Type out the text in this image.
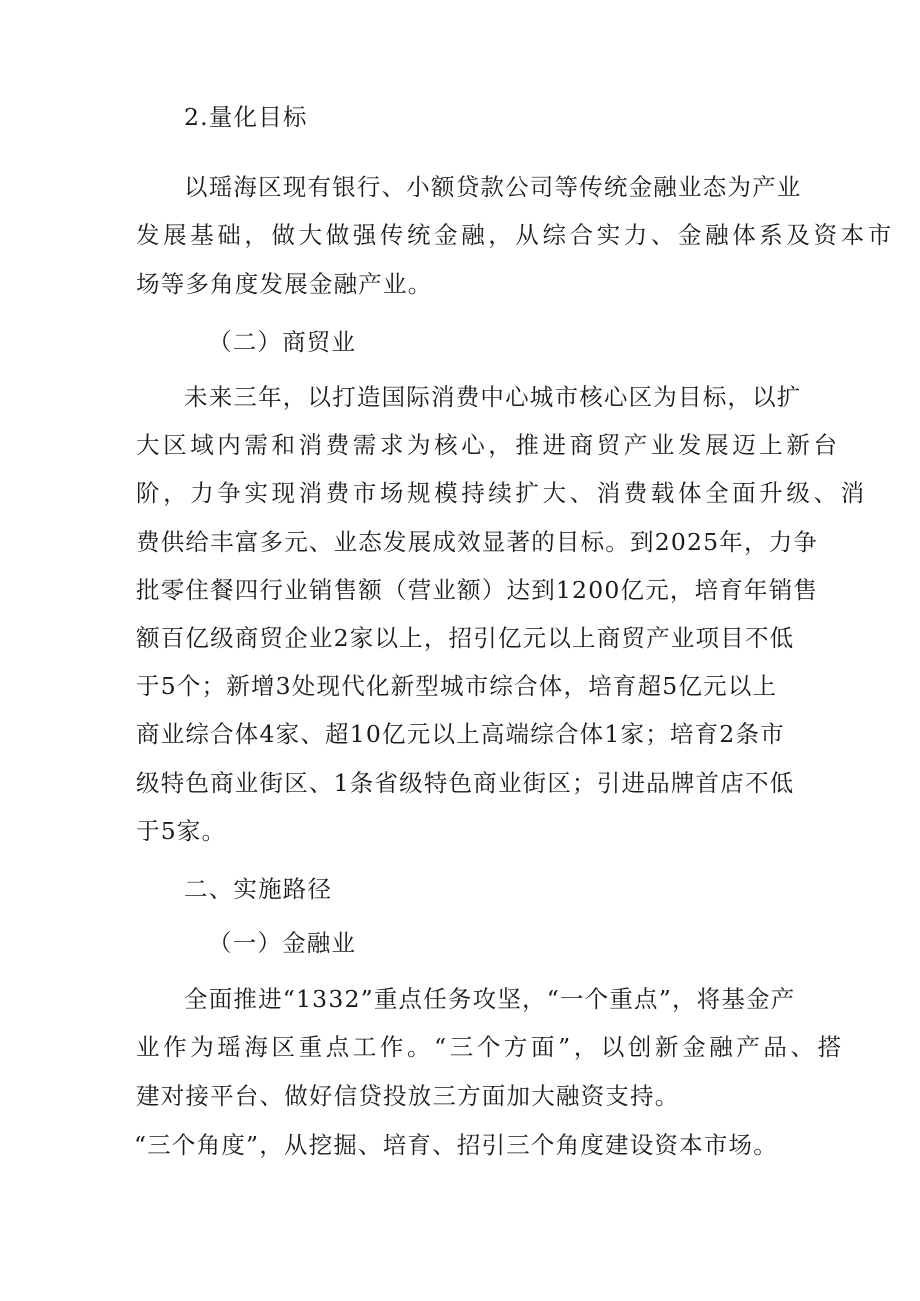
2.量化目标
以瑶海区现有银行、小额贷款公司等传统金融业态为产业
发展基础，做大做强传统金融，从综合实力、金融体系及资本市
场等多角度发展金融产业。
（二）商贸业
未来三年，以打造国际消费中心城市核心区为目标，以扩
大区域内需和消费需求为核心，推进商贸产业发展迈上新台
阶，力争实现消费市场规模持续扩大、消费载体全面升级、消
费供给丰富多元、业态发展成效显著的目标。到2025年，力争
批零住餐四行业销售额（营业额）达到1200亿元，培育年销售
额百亿级商贸企业2家以上，招引亿元以上商贸产业项目不低
于5个；新增3处现代化新型城市综合体，培育超5亿元以上
商业综合体4家、超10亿元以上高端综合体1家；培育2条市
级特色商业街区、1条省级特色商业街区；引进品牌首店不低
于5家。
二、实施路径
（一）金融业
全面推进“1332”重点任务攻坚，“一个重点”，将基金产
业作为瑶海区重点工作。“三个方面”，以创新金融产品、搭
建对接平台、做好信贷投放三方面加大融资支持。
“三个角度”，从挖掘、培育、招引三个角度建设资本市场。
